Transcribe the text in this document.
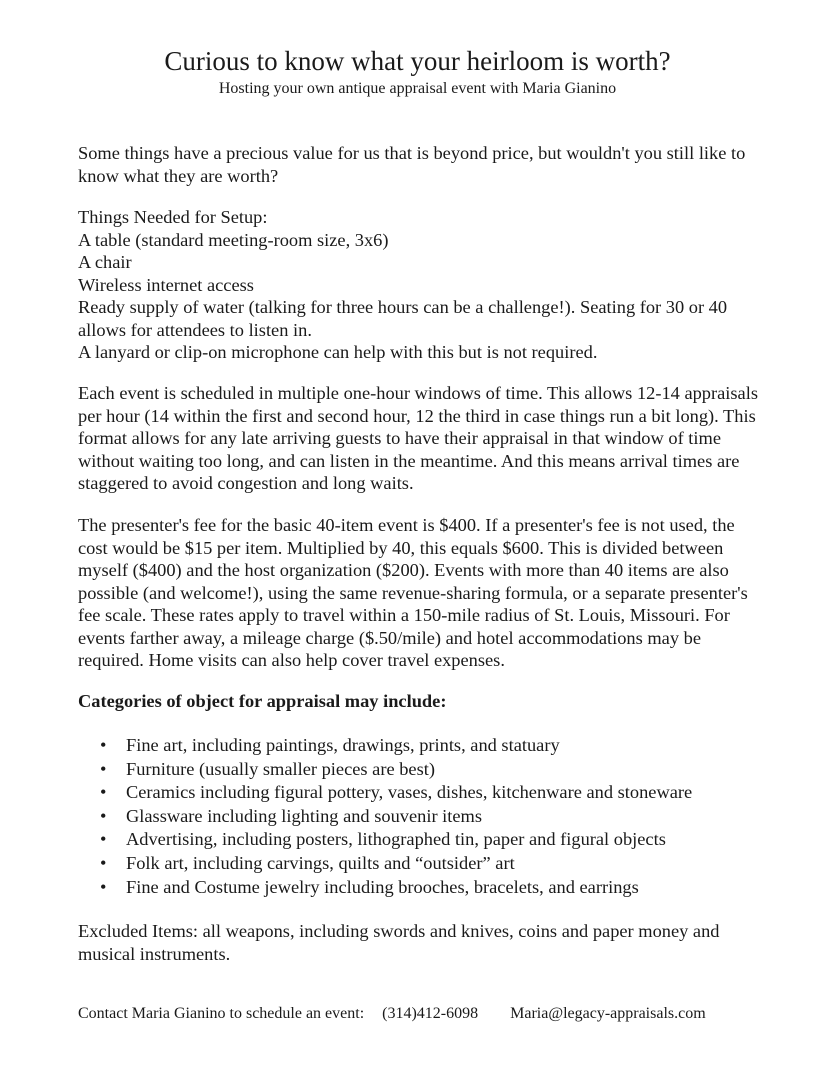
Curious to know what your heirloom is worth?
Hosting your own antique appraisal event with Maria Gianino

Some things have a precious value for us that is beyond price, but wouldn't you still like to know what they are worth?

Things Needed for Setup:
A table (standard meeting-room size, 3x6)
A chair
Wireless internet access
Ready supply of water (talking for three hours can be a challenge!). Seating for 30 or 40 allows for attendees to listen in.
A lanyard or clip-on microphone can help with this but is not required.

Each event is scheduled in multiple one-hour windows of time. This allows 12-14 appraisals per hour (14 within the first and second hour, 12 the third in case things run a bit long). This format allows for any late arriving guests to have their appraisal in that window of time without waiting too long, and can listen in the meantime. And this means arrival times are staggered to avoid congestion and long waits.

The presenter's fee for the basic 40-item event is $400. If a presenter's fee is not used, the cost would be $15 per item. Multiplied by 40, this equals $600. This is divided between myself ($400) and the host organization ($200). Events with more than 40 items are also possible (and welcome!), using the same revenue-sharing formula, or a separate presenter's fee scale. These rates apply to travel within a 150-mile radius of St. Louis, Missouri. For events farther away, a mileage charge ($.50/mile) and hotel accommodations may be required. Home visits can also help cover travel expenses.

Categories of object for appraisal may include:
• Fine art, including paintings, drawings, prints, and statuary
• Furniture (usually smaller pieces are best)
• Ceramics including figural pottery, vases, dishes, kitchenware and stoneware
• Glassware including lighting and souvenir items
• Advertising, including posters, lithographed tin, paper and figural objects
• Folk art, including carvings, quilts and “outsider” art
• Fine and Costume jewelry including brooches, bracelets, and earrings

Excluded Items: all weapons, including swords and knives, coins and paper money and musical instruments.

Contact Maria Gianino to schedule an event: (314)412-6098 Maria@legacy-appraisals.com
